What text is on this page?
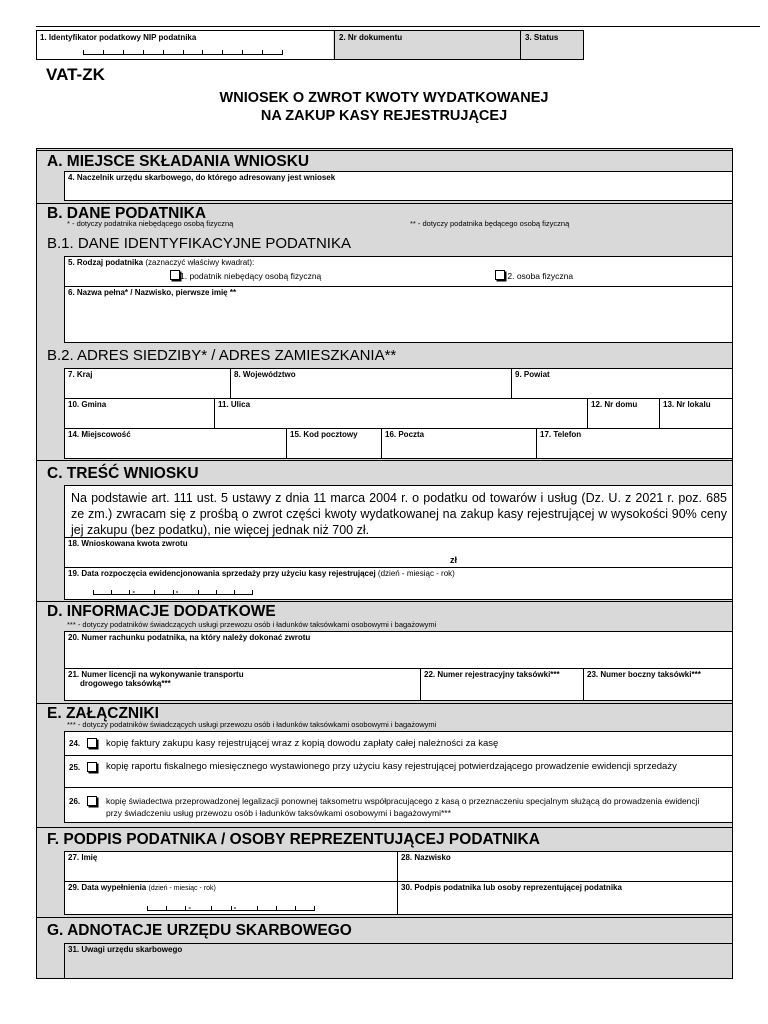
1. Identyfikator podatkowy NIP podatnika	2. Nr dokumentu	3. Status
VAT-ZK
WNIOSEK O ZWROT KWOTY WYDATKOWANEJ
NA ZAKUP KASY REJESTRUJĄCEJ
A. MIEJSCE SKŁADANIA WNIOSKU
4. Naczelnik urzędu skarbowego, do którego adresowany jest wniosek
B. DANE PODATNIKA
* - dotyczy podatnika niebędącego osobą fizyczną	** - dotyczy podatnika będącego osobą fizyczną
B.1. DANE IDENTYFIKACYJNE PODATNIKA
5. Rodzaj podatnika (zaznaczyć właściwy kwadrat):
1. podatnik niebędący osobą fizyczną	2. osoba fizyczna
6. Nazwa pełna* / Nazwisko, pierwsze imię **
B.2. ADRES SIEDZIBY* / ADRES ZAMIESZKANIA**
7. Kraj	8. Województwo	9. Powiat
10. Gmina	11. Ulica	12. Nr domu	13. Nr lokalu
14. Miejscowość	15. Kod pocztowy	16. Poczta	17. Telefon
C. TREŚĆ WNIOSKU
Na podstawie art. 111 ust. 5 ustawy z dnia 11 marca 2004 r. o podatku od towarów i usług (Dz. U. z 2021 r. poz. 685 ze zm.) zwracam się z prośbą o zwrot części kwoty wydatkowanej na zakup kasy rejestrującej w wysokości 90% ceny jej zakupu (bez podatku), nie więcej jednak niż 700 zł.
18. Wnioskowana kwota zwrotu
zł
19. Data rozpoczęcia ewidencjonowania sprzedaży przy użyciu kasy rejestrującej (dzień - miesiąc - rok)
-	-
D. INFORMACJE DODATKOWE
*** - dotyczy podatników świadczących usługi przewozu osób i ładunków taksówkami osobowymi i bagażowymi
20. Numer rachunku podatnika, na który należy dokonać zwrotu
21. Numer licencji na wykonywanie transportu
drogowego taksówką***
22. Numer rejestracyjny taksówki***	23. Numer boczny taksówki***
E. ZAŁĄCZNIKI
*** - dotyczy podatników świadczących usługi przewozu osób i ładunków taksówkami osobowymi i bagażowymi
24.	kopię faktury zakupu kasy rejestrującej wraz z kopią dowodu zapłaty całej należności za kasę
25.	kopię raportu fiskalnego miesięcznego wystawionego przy użyciu kasy rejestrującej potwierdzającego prowadzenie ewidencji sprzedaży
26.	kopię świadectwa przeprowadzonej legalizacji ponownej taksometru współpracującego z kasą o przeznaczeniu specjalnym służącą do prowadzenia ewidencji przy świadczeniu usług przewozu osób i ładunków taksówkami osobowymi i bagażowymi***
F. PODPIS PODATNIKA / OSOBY REPREZENTUJĄCEJ PODATNIKA
27. Imię	28. Nazwisko
29. Data wypełnienia (dzień - miesiąc - rok)
-	-
30. Podpis podatnika lub osoby reprezentującej podatnika
G. ADNOTACJE URZĘDU SKARBOWEGO
31. Uwagi urzędu skarbowego
